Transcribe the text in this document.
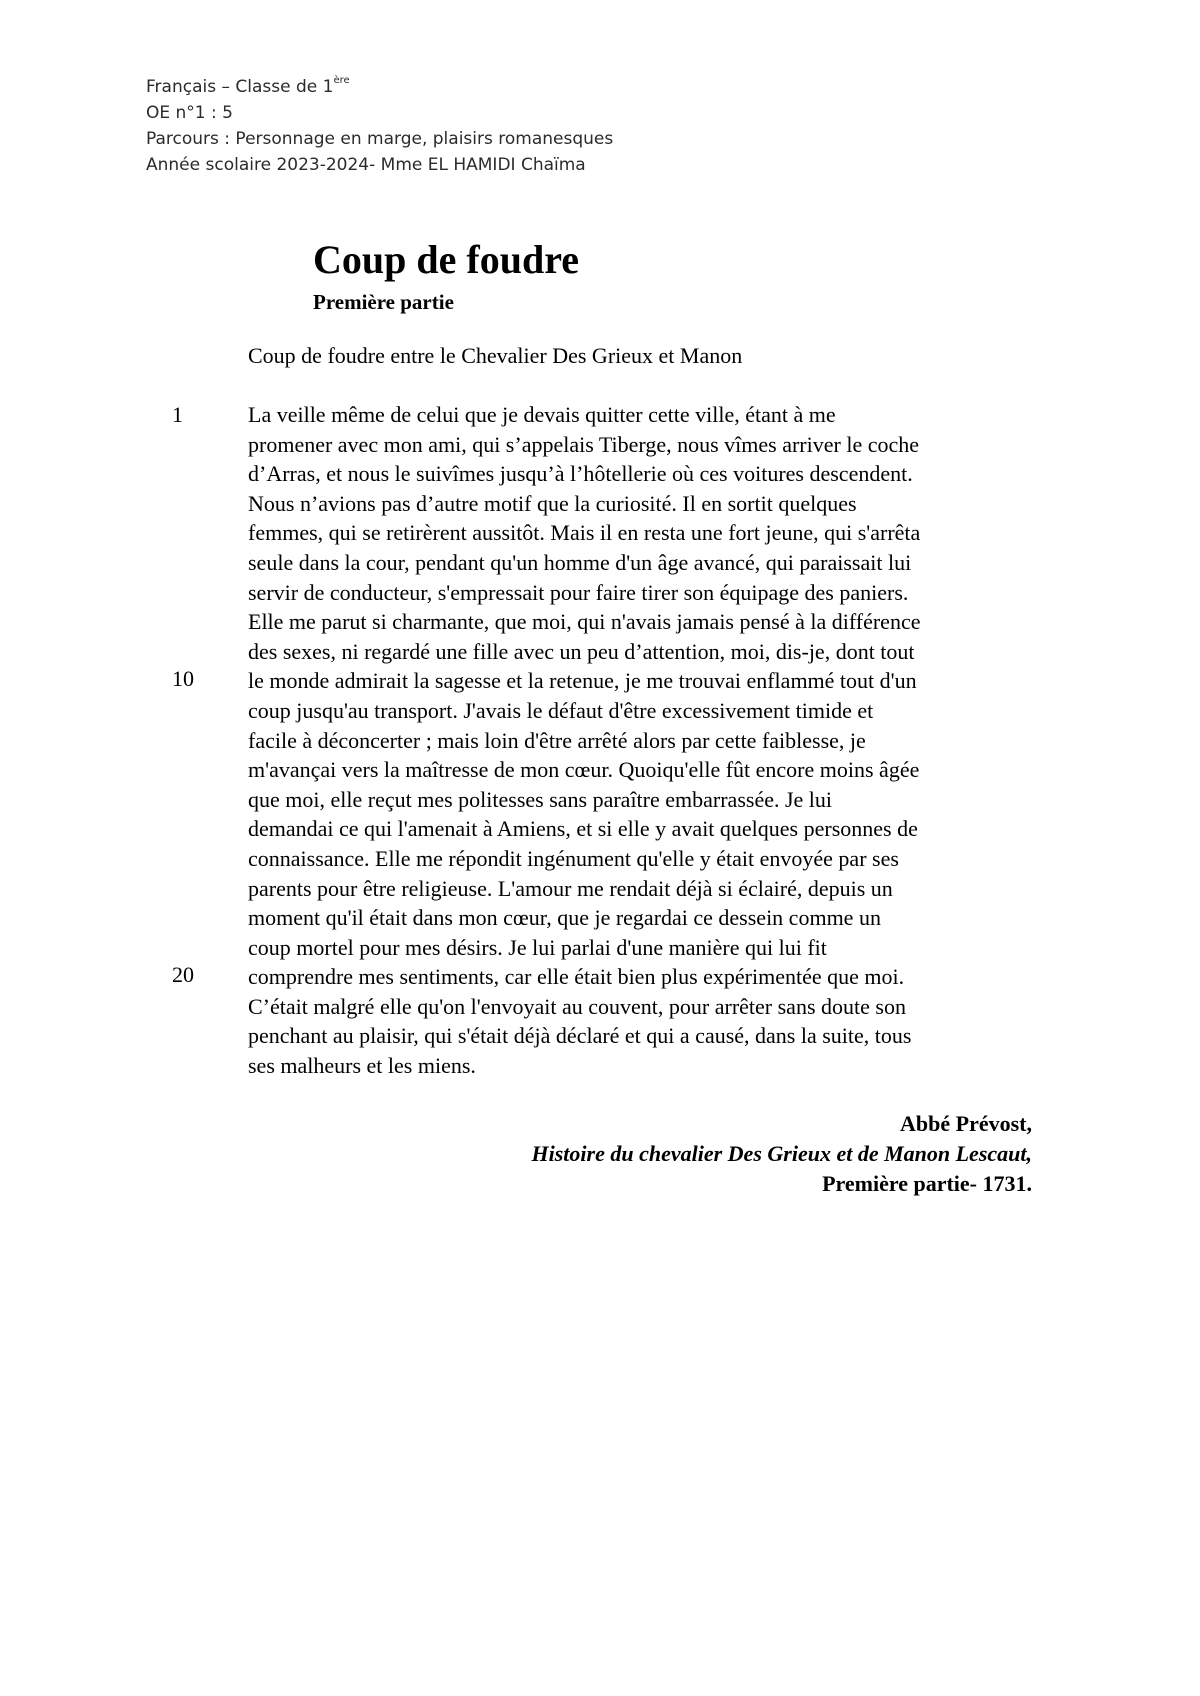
Français – Classe de 1ère
OE n°1 : 5
Parcours : Personnage en marge, plaisirs romanesques
Année scolaire 2023-2024- Mme EL HAMIDI Chaïma
Coup de foudre
Première partie
Coup de foudre entre le Chevalier Des Grieux et Manon
1
10
20
La veille même de celui que je devais quitter cette ville, étant à me
promener avec mon ami, qui s’appelais Tiberge, nous vîmes arriver le coche
d’Arras, et nous le suivîmes jusqu’à l’hôtellerie où ces voitures descendent.
Nous n’avions pas d’autre motif que la curiosité. Il en sortit quelques
femmes, qui se retirèrent aussitôt. Mais il en resta une fort jeune, qui s'arrêta
seule dans la cour, pendant qu'un homme d'un âge avancé, qui paraissait lui
servir de conducteur, s'empressait pour faire tirer son équipage des paniers.
Elle me parut si charmante, que moi, qui n'avais jamais pensé à la différence
des sexes, ni regardé une fille avec un peu d’attention, moi, dis-je, dont tout
le monde admirait la sagesse et la retenue, je me trouvai enflammé tout d'un
coup jusqu'au transport. J'avais le défaut d'être excessivement timide et
facile à déconcerter ; mais loin d'être arrêté alors par cette faiblesse, je
m'avançai vers la maîtresse de mon cœur. Quoiqu'elle fût encore moins âgée
que moi, elle reçut mes politesses sans paraître embarrassée. Je lui
demandai ce qui l'amenait à Amiens, et si elle y avait quelques personnes de
connaissance. Elle me répondit ingénument qu'elle y était envoyée par ses
parents pour être religieuse. L'amour me rendait déjà si éclairé, depuis un
moment qu'il était dans mon cœur, que je regardai ce dessein comme un
coup mortel pour mes désirs. Je lui parlai d'une manière qui lui fit
comprendre mes sentiments, car elle était bien plus expérimentée que moi.
C’était malgré elle qu'on l'envoyait au couvent, pour arrêter sans doute son
penchant au plaisir, qui s'était déjà déclaré et qui a causé, dans la suite, tous
ses malheurs et les miens.
Abbé Prévost,
Histoire du chevalier Des Grieux et de Manon Lescaut,
Première partie- 1731.
